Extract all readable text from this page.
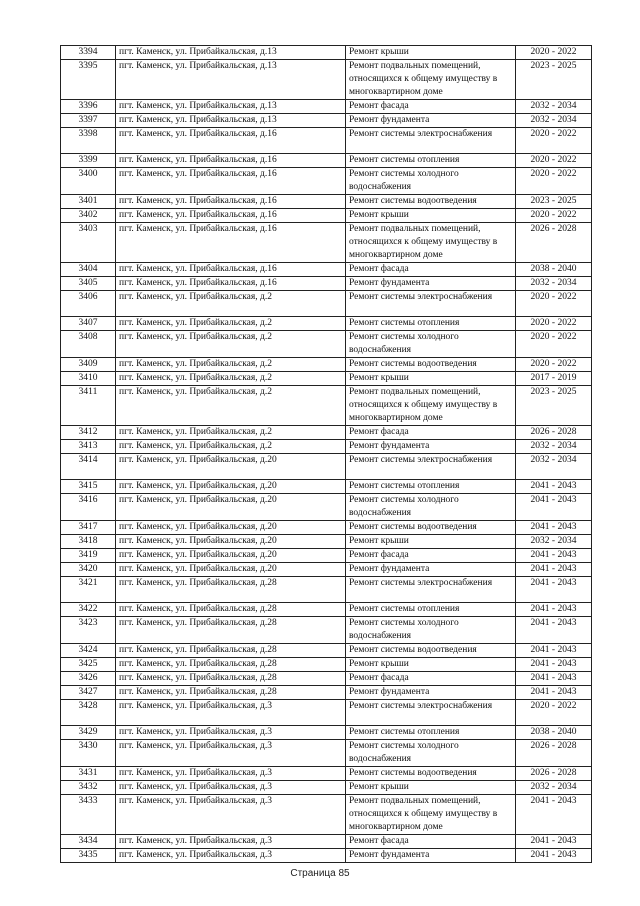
3394	пгт. Каменск, ул. Прибайкальская, д.13	Ремонт крыши	2020 - 2022
3395	пгт. Каменск, ул. Прибайкальская, д.13	Ремонт подвальных помещений, относящихся к общему имуществу в многоквартирном доме	2023 - 2025
3396	пгт. Каменск, ул. Прибайкальская, д.13	Ремонт фасада	2032 - 2034
3397	пгт. Каменск, ул. Прибайкальская, д.13	Ремонт фундамента	2032 - 2034
3398	пгт. Каменск, ул. Прибайкальская, д.16	Ремонт системы электроснабжения	2020 - 2022
3399	пгт. Каменск, ул. Прибайкальская, д.16	Ремонт системы отопления	2020 - 2022
3400	пгт. Каменск, ул. Прибайкальская, д.16	Ремонт системы холодного водоснабжения	2020 - 2022
3401	пгт. Каменск, ул. Прибайкальская, д.16	Ремонт системы водоотведения	2023 - 2025
3402	пгт. Каменск, ул. Прибайкальская, д.16	Ремонт крыши	2020 - 2022
3403	пгт. Каменск, ул. Прибайкальская, д.16	Ремонт подвальных помещений, относящихся к общему имуществу в многоквартирном доме	2026 - 2028
3404	пгт. Каменск, ул. Прибайкальская, д.16	Ремонт фасада	2038 - 2040
3405	пгт. Каменск, ул. Прибайкальская, д.16	Ремонт фундамента	2032 - 2034
3406	пгт. Каменск, ул. Прибайкальская, д.2	Ремонт системы электроснабжения	2020 - 2022
3407	пгт. Каменск, ул. Прибайкальская, д.2	Ремонт системы отопления	2020 - 2022
3408	пгт. Каменск, ул. Прибайкальская, д.2	Ремонт системы холодного водоснабжения	2020 - 2022
3409	пгт. Каменск, ул. Прибайкальская, д.2	Ремонт системы водоотведения	2020 - 2022
3410	пгт. Каменск, ул. Прибайкальская, д.2	Ремонт крыши	2017 - 2019
3411	пгт. Каменск, ул. Прибайкальская, д.2	Ремонт подвальных помещений, относящихся к общему имуществу в многоквартирном доме	2023 - 2025
3412	пгт. Каменск, ул. Прибайкальская, д.2	Ремонт фасада	2026 - 2028
3413	пгт. Каменск, ул. Прибайкальская, д.2	Ремонт фундамента	2032 - 2034
3414	пгт. Каменск, ул. Прибайкальская, д.20	Ремонт системы электроснабжения	2032 - 2034
3415	пгт. Каменск, ул. Прибайкальская, д.20	Ремонт системы отопления	2041 - 2043
3416	пгт. Каменск, ул. Прибайкальская, д.20	Ремонт системы холодного водоснабжения	2041 - 2043
3417	пгт. Каменск, ул. Прибайкальская, д.20	Ремонт системы водоотведения	2041 - 2043
3418	пгт. Каменск, ул. Прибайкальская, д.20	Ремонт крыши	2032 - 2034
3419	пгт. Каменск, ул. Прибайкальская, д.20	Ремонт фасада	2041 - 2043
3420	пгт. Каменск, ул. Прибайкальская, д.20	Ремонт фундамента	2041 - 2043
3421	пгт. Каменск, ул. Прибайкальская, д.28	Ремонт системы электроснабжения	2041 - 2043
3422	пгт. Каменск, ул. Прибайкальская, д.28	Ремонт системы отопления	2041 - 2043
3423	пгт. Каменск, ул. Прибайкальская, д.28	Ремонт системы холодного водоснабжения	2041 - 2043
3424	пгт. Каменск, ул. Прибайкальская, д.28	Ремонт системы водоотведения	2041 - 2043
3425	пгт. Каменск, ул. Прибайкальская, д.28	Ремонт крыши	2041 - 2043
3426	пгт. Каменск, ул. Прибайкальская, д.28	Ремонт фасада	2041 - 2043
3427	пгт. Каменск, ул. Прибайкальская, д.28	Ремонт фундамента	2041 - 2043
3428	пгт. Каменск, ул. Прибайкальская, д.3	Ремонт системы электроснабжения	2020 - 2022
3429	пгт. Каменск, ул. Прибайкальская, д.3	Ремонт системы отопления	2038 - 2040
3430	пгт. Каменск, ул. Прибайкальская, д.3	Ремонт системы холодного водоснабжения	2026 - 2028
3431	пгт. Каменск, ул. Прибайкальская, д.3	Ремонт системы водоотведения	2026 - 2028
3432	пгт. Каменск, ул. Прибайкальская, д.3	Ремонт крыши	2032 - 2034
3433	пгт. Каменск, ул. Прибайкальская, д.3	Ремонт подвальных помещений, относящихся к общему имуществу в многоквартирном доме	2041 - 2043
3434	пгт. Каменск, ул. Прибайкальская, д.3	Ремонт фасада	2041 - 2043
3435	пгт. Каменск, ул. Прибайкальская, д.3	Ремонт фундамента	2041 - 2043
Страница 85
